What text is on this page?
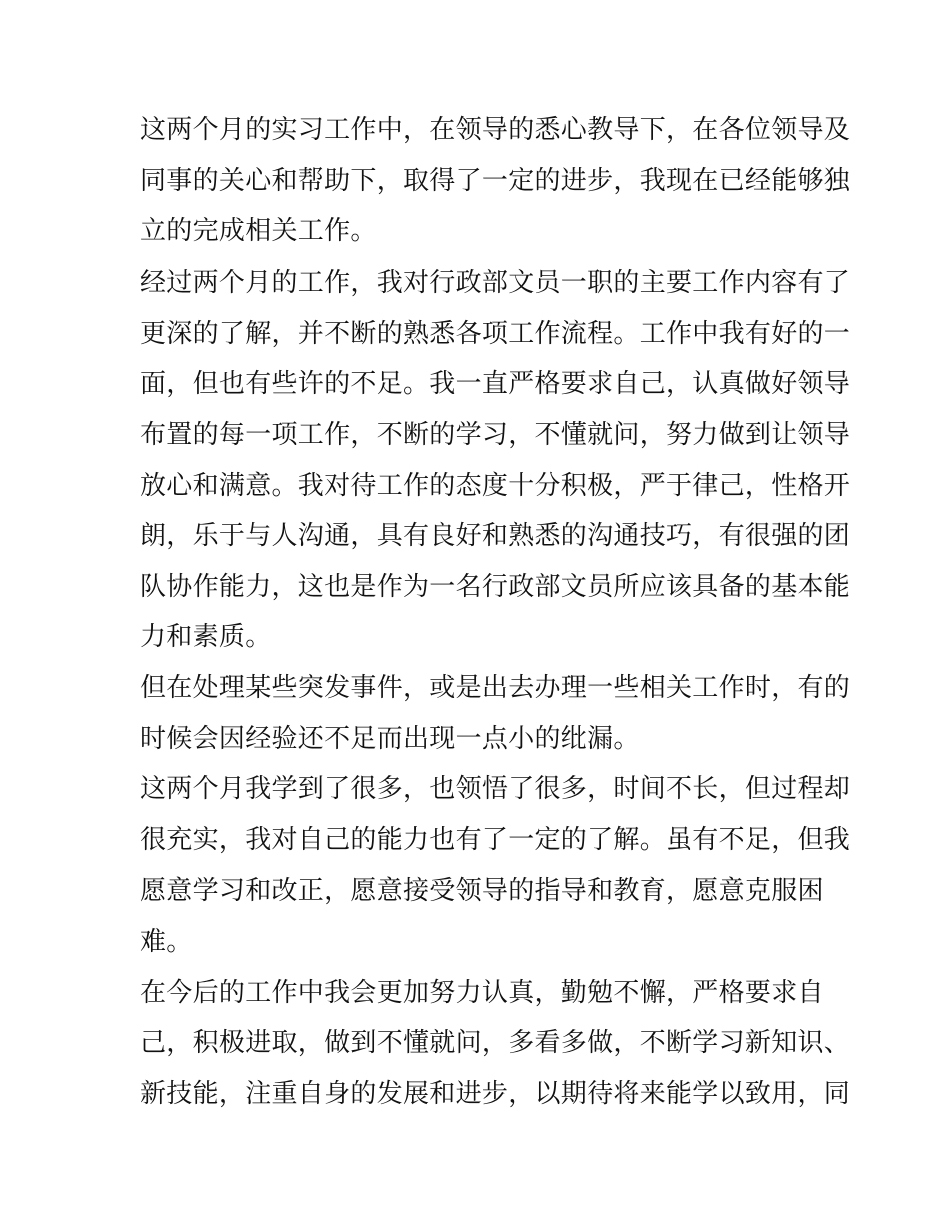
这两个月的实习工作中，在领导的悉心教导下，在各位领导及
同事的关心和帮助下，取得了一定的进步，我现在已经能够独
立的完成相关工作。
经过两个月的工作，我对行政部文员一职的主要工作内容有了
更深的了解，并不断的熟悉各项工作流程。工作中我有好的一
面，但也有些许的不足。我一直严格要求自己，认真做好领导
布置的每一项工作，不断的学习，不懂就问，努力做到让领导
放心和满意。我对待工作的态度十分积极，严于律己，性格开
朗，乐于与人沟通，具有良好和熟悉的沟通技巧，有很强的团
队协作能力，这也是作为一名行政部文员所应该具备的基本能
力和素质。
但在处理某些突发事件，或是出去办理一些相关工作时，有的
时候会因经验还不足而出现一点小的纰漏。
这两个月我学到了很多，也领悟了很多，时间不长，但过程却
很充实，我对自己的能力也有了一定的了解。虽有不足，但我
愿意学习和改正，愿意接受领导的指导和教育，愿意克服困
难。
在今后的工作中我会更加努力认真，勤勉不懈，严格要求自
己，积极进取，做到不懂就问，多看多做，不断学习新知识、
新技能，注重自身的发展和进步，以期待将来能学以致用，同
